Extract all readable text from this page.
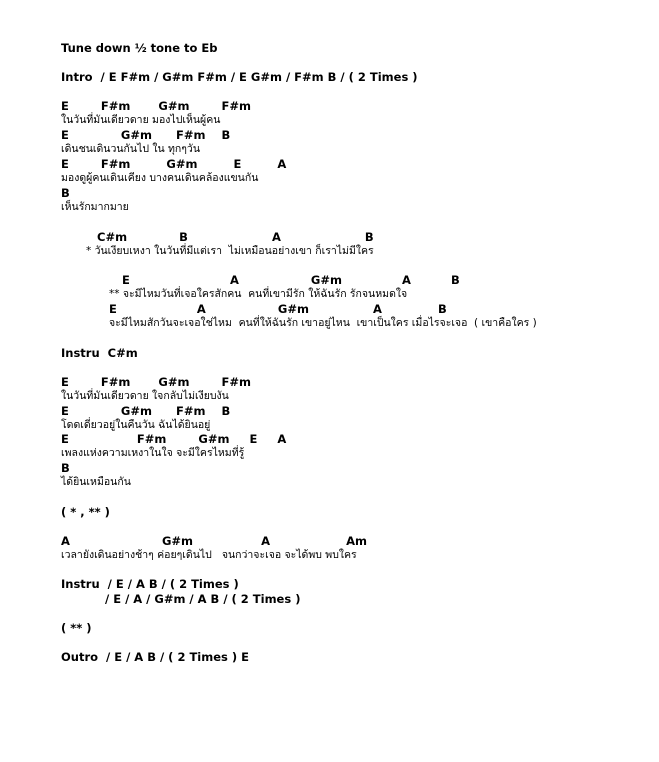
Tune down ½ tone to Eb
Intro  / E F#m / G#m F#m / E G#m / F#m B / ( 2 Times )
E        F#m       G#m        F#m
ในวันที่มันเดียวดาย มองไปเห็นผู้คน
E             G#m      F#m    B
เดินชนเดินวนกันไป ใน ทุกๆวัน
E        F#m         G#m         E         A
มองดูผู้คนเดินเคียง บางคนเดินคล้องแขนกัน
B
เห็นรักมากมาย
C#m             B                     A                     B
* วันเงียบเหงา ในวันที่มีแต่เรา  ไม่เหมือนอย่างเขา ก็เราไม่มีใคร
E                         A                  G#m               A          B
** จะมีไหมวันที่เจอใครสักคน  คนที่เขามีรัก ให้ฉันรัก รักจนหมดใจ
E                    A                  G#m                A              B
จะมีไหมสักวันจะเจอใช่ไหม  คนที่ให้ฉันรัก เขาอยู่ไหน  เขาเป็นใคร เมื่อไรจะเจอ  ( เขาคือใคร )
Instru  C#m
E        F#m       G#m        F#m
ในวันที่มันเดียวดาย ใจกลับไม่เงียบงัน
E             G#m      F#m    B
โดดเดี่ยวอยู่ในคืนวัน ฉันได้ยินอยู่
E                 F#m        G#m     E     A
เพลงแห่งความเหงาในใจ จะมีใครไหมที่รู้
B
ได้ยินเหมือนกัน
( * , ** )
A                       G#m                 A                   Am
เวลายังเดินอย่างช้าๆ ค่อยๆเดินไป   จนกว่าจะเจอ จะได้พบ พบใคร
Instru  / E / A B / ( 2 Times )
/ E / A / G#m / A B / ( 2 Times )
( ** )
Outro  / E / A B / ( 2 Times ) E
